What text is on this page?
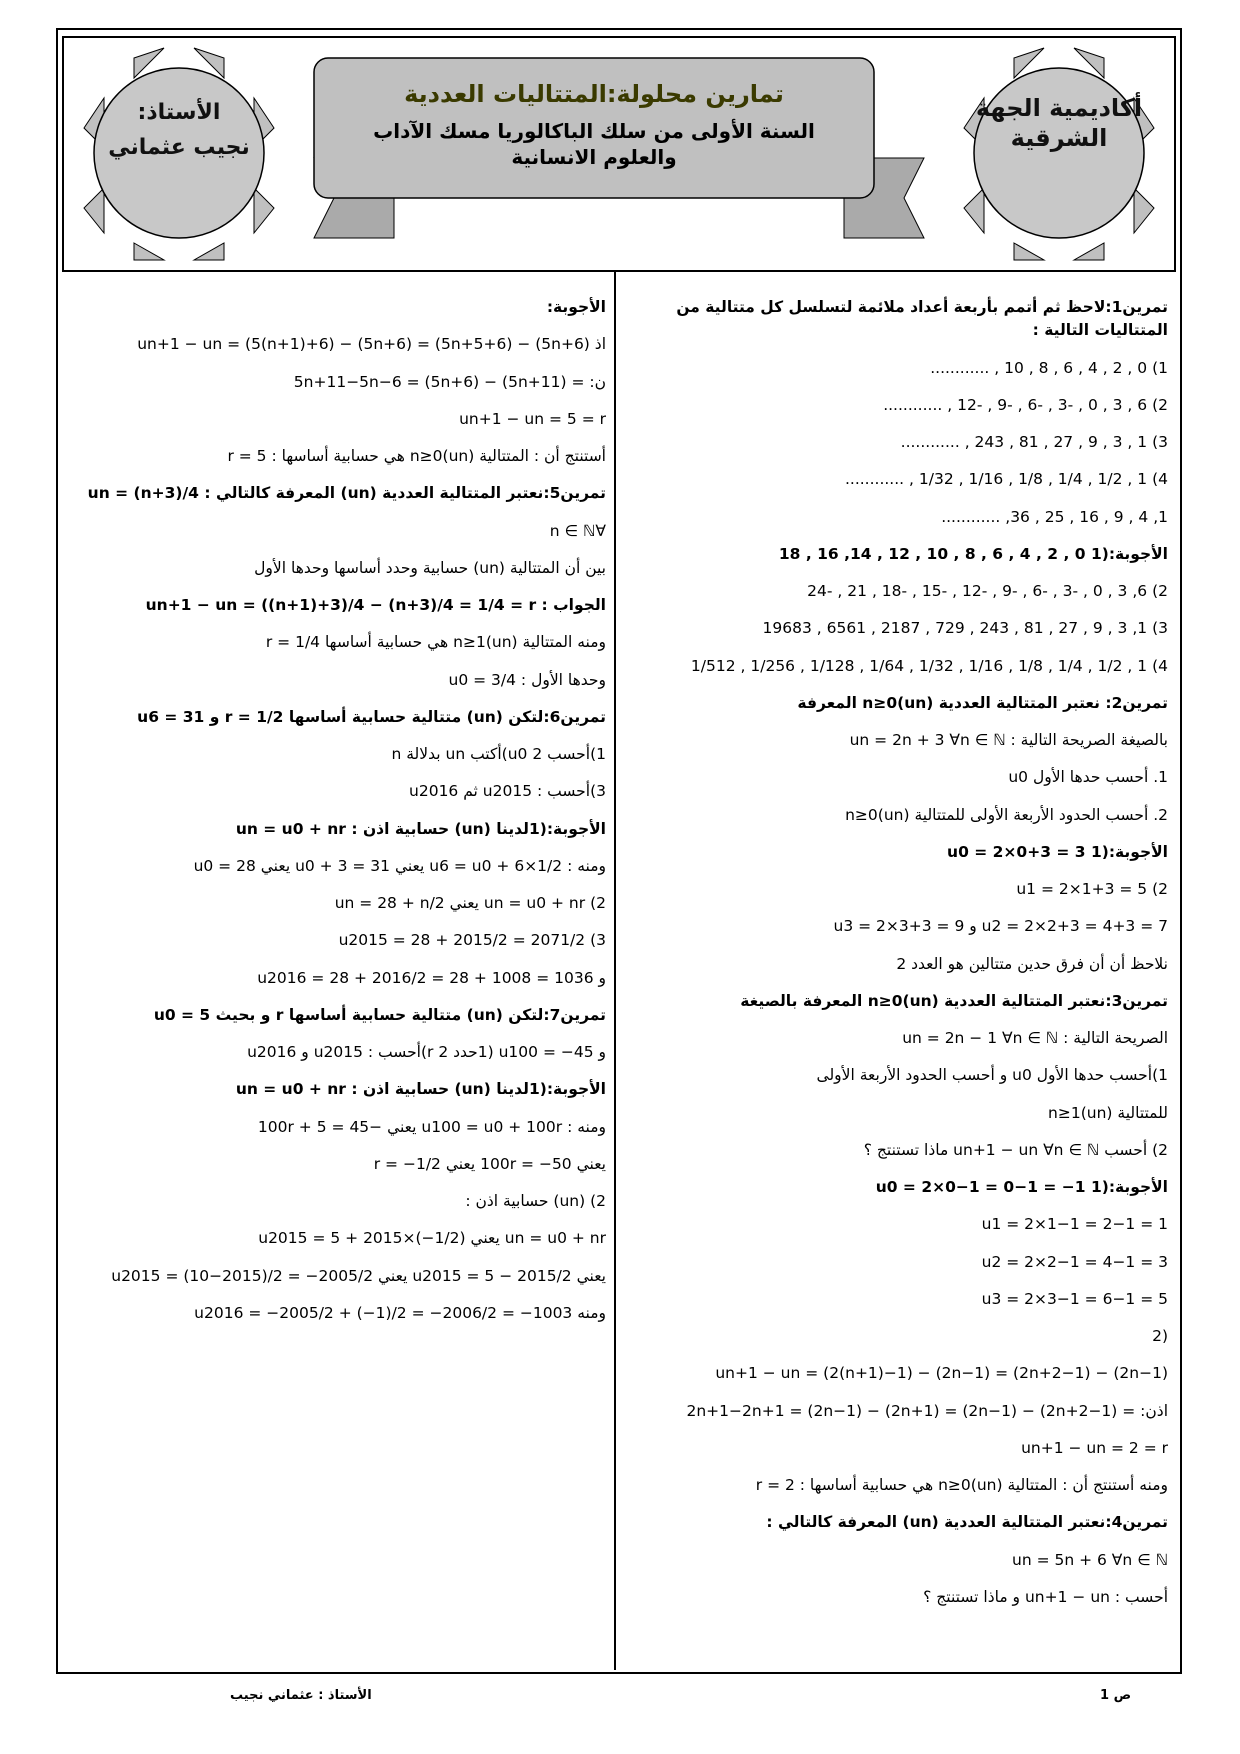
أكاديمية الجهة الشرقية
الأستاذ:
نجيب عثماني
تمارين محلولة:المتتاليات العددية
السنة الأولى من سلك الباكالوريا مسك الآداب والعلوم الانسانية
تمرين1:لاحظ ثم أتمم بأربعة أعداد ملائمة لتسلسل كل متتالية من المتتاليات التالية :
1) 0 , 2 , 4 , 6 , 8 , 10 , ............
2) 6 , 3 , 0 , -3 , -6 , -9 , -12 , ............
3) 1 , 3 , 9 , 27 , 81 , 243 , ............
4) 1 , 1/2 , 1/4 , 1/8 , 1/16 , 1/32 , ............
1, 4 , 9 , 16 , 25 , 36, ............
الأجوبة:(1 0 , 2 , 4 , 6 , 8 , 10 , 12 , 14, 16 , 18
2) 6, 3 , 0 , -3 , -6 , -9 , -12 , -15 , -18 , 21 , -24
3) 1, 3 , 9 , 27 , 81 , 243 , 729 , 2187 , 6561 , 19683
4) 1 , 1/2 , 1/4 , 1/8 , 1/16 , 1/32 , 1/64 , 1/128 , 1/256 , 1/512
تمرين2: نعتبر المتتالية العددية (un)n≥0 المعرفة
بالصيغة الصريحة التالية : un = 2n + 3 ∀n ∈ ℕ
1. أحسب حدها الأول u0
2. أحسب الحدود الأربعة الأولى للمتتالية (un)n≥0
الأجوبة:(1 u0 = 2×0+3 = 3
2) u1 = 2×1+3 = 5
u2 = 2×2+3 = 4+3 = 7 و u3 = 2×3+3 = 9
نلاحظ أن أن فرق حدين متتالين هو العدد 2
تمرين3:نعتبر المتتالية العددية (un)n≥0 المعرفة بالصيغة
الصريحة التالية : un = 2n − 1 ∀n ∈ ℕ
1)أحسب حدها الأول u0 و أحسب الحدود الأربعة الأولى
للمتتالية (un)n≥1
2) أحسب un+1 − un ∀n ∈ ℕ ماذا تستنتج ؟
الأجوبة:(1 u0 = 2×0−1 = 0−1 = −1
u1 = 2×1−1 = 2−1 = 1
u2 = 2×2−1 = 4−1 = 3
u3 = 2×3−1 = 6−1 = 5
(2
un+1 − un = (2(n+1)−1) − (2n−1) = (2n+2−1) − (2n−1)
اذن: = (2n+2−1) − (2n−1) = (2n+1) − (2n−1) = 2n+1−2n+1
un+1 − un = 2 = r
ومنه أستنتج أن : المتتالية (un)n≥0 هي حسابية أساسها : r = 2
تمرين4:نعتبر المتتالية العددية (un) المعرفة كالتالي :
un = 5n + 6 ∀n ∈ ℕ
أحسب : un+1 − un و ماذا تستنتج ؟
الأجوبة:
اذ un+1 − un = (5(n+1)+6) − (5n+6) = (5n+5+6) − (5n+6)
ن: = (5n+11) − (5n+6) = 5n+11−5n−6
un+1 − un = 5 = r
أستنتج أن : المتتالية (un)n≥0 هي حسابية أساسها : r = 5
تمرين5:نعتبر المتتالية العددية (un) المعرفة كالتالي : un = (n+3)/4
∀n ∈ ℕ
بين أن المتتالية (un) حسابية وحدد أساسها وحدها الأول
الجواب : un+1 − un = ((n+1)+3)/4 − (n+3)/4 = 1/4 = r
ومنه المتتالية (un)n≥1 هي حسابية أساسها 1/4 = r
وحدها الأول : u0 = 3/4
تمرين6:لتكن (un) متتالية حسابية أساسها r = 1/2 و u6 = 31
1)أحسب u0 2)أكتب un بدلالة n
3)أحسب : u2015 ثم u2016
الأجوبة:(1لدينا (un) حسابية اذن : un = u0 + nr
ومنه : u6 = u0 + 6×1/2 يعني 31 = u0 + 3 يعني u0 = 28
2) un = u0 + nr يعني un = 28 + n/2
3) u2015 = 28 + 2015/2 = 2071/2
و u2016 = 28 + 2016/2 = 28 + 1008 = 1036
تمرين7:لتكن (un) متتالية حسابية أساسها r و بحيث u0 = 5
و u100 = −45 (1حدد r 2)أحسب : u2015 و u2016
الأجوبة:(1لدينا (un) حسابية اذن : un = u0 + nr
ومنه : u100 = u0 + 100r يعني −45 = 5 + 100r
يعني 100r = −50 يعني r = −1/2
2) (un) حسابية اذن :
un = u0 + nr يعني u2015 = 5 + 2015×(−1/2)
يعني u2015 = 5 − 2015/2 يعني u2015 = (10−2015)/2 = −2005/2
ومنه u2016 = −2005/2 + (−1)/2 = −2006/2 = −1003
ص 1
الأستاذ : عثماني نجيب
